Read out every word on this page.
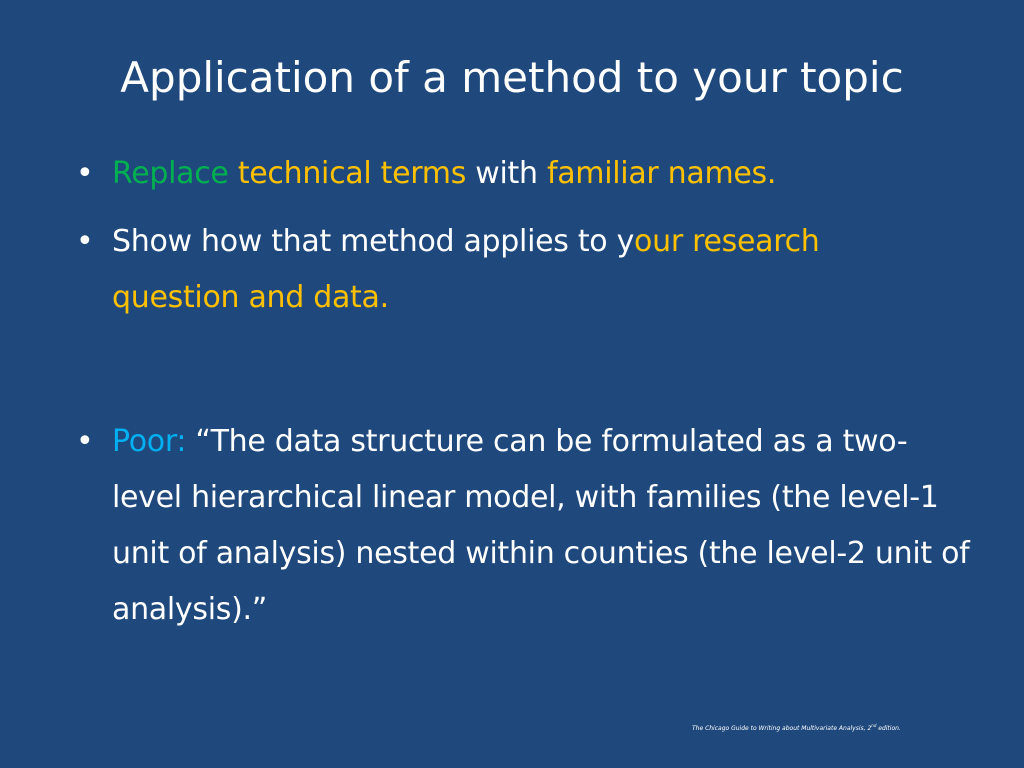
Application of a method to your topic
• Replace technical terms with familiar names.
• Show how that method applies to your research question and data.
• Poor: “The data structure can be formulated as a two-level hierarchical linear model, with families (the level-1 unit of analysis) nested within counties (the level-2 unit of analysis).”
The Chicago Guide to Writing about Multivariate Analysis, 2nd edition.
